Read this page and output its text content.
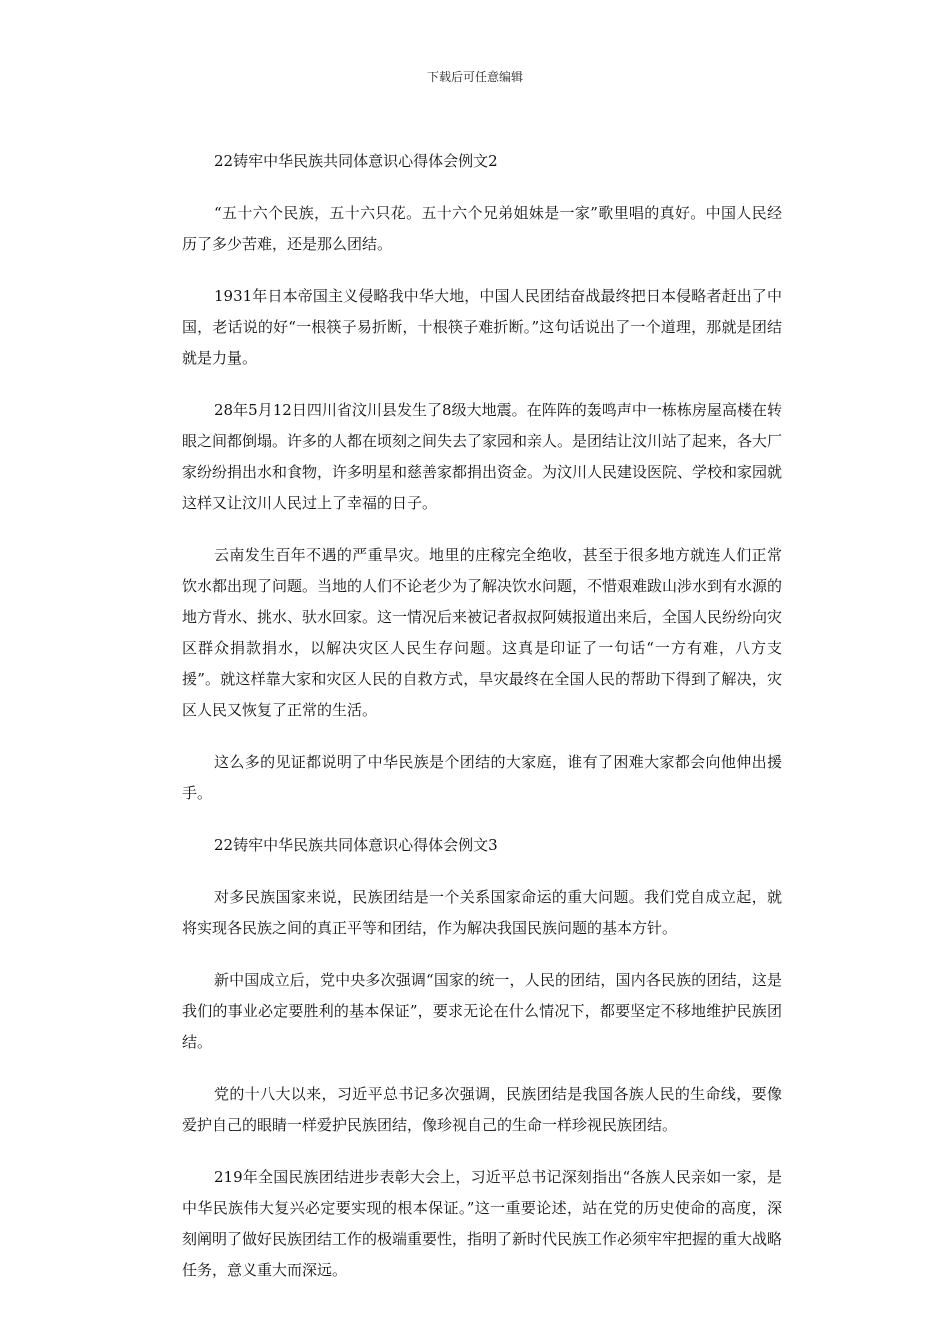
下载后可任意编辑

22铸牢中华民族共同体意识心得体会例文2

“五十六个民族，五十六只花。五十六个兄弟姐妹是一家”歌里唱的真好。中国人民经历了多少苦难，还是那么团结。

1931年日本帝国主义侵略我中华大地，中国人民团结奋战最终把日本侵略者赶出了中国，老话说的好“一根筷子易折断，十根筷子难折断。”这句话说出了一个道理，那就是团结就是力量。

28年5月12日四川省汶川县发生了8级大地震。在阵阵的轰鸣声中一栋栋房屋高楼在转眼之间都倒塌。许多的人都在顷刻之间失去了家园和亲人。是团结让汶川站了起来，各大厂家纷纷捐出水和食物，许多明星和慈善家都捐出资金。为汶川人民建设医院、学校和家园就这样又让汶川人民过上了幸福的日子。

云南发生百年不遇的严重旱灾。地里的庄稼完全绝收，甚至于很多地方就连人们正常饮水都出现了问题。当地的人们不论老少为了解决饮水问题，不惜艰难跋山涉水到有水源的地方背水、挑水、驮水回家。这一情况后来被记者叔叔阿姨报道出来后，全国人民纷纷向灾区群众捐款捐水，以解决灾区人民生存问题。这真是印证了一句话“一方有难，八方支援”。就这样靠大家和灾区人民的自救方式，旱灾最终在全国人民的帮助下得到了解决，灾区人民又恢复了正常的生活。

这么多的见证都说明了中华民族是个团结的大家庭，谁有了困难大家都会向他伸出援手。

22铸牢中华民族共同体意识心得体会例文3

对多民族国家来说，民族团结是一个关系国家命运的重大问题。我们党自成立起，就将实现各民族之间的真正平等和团结，作为解决我国民族问题的基本方针。

新中国成立后，党中央多次强调“国家的统一，人民的团结，国内各民族的团结，这是我们的事业必定要胜利的基本保证”，要求无论在什么情况下，都要坚定不移地维护民族团结。

党的十八大以来，习近平总书记多次强调，民族团结是我国各族人民的生命线，要像爱护自己的眼睛一样爱护民族团结，像珍视自己的生命一样珍视民族团结。

219年全国民族团结进步表彰大会上，习近平总书记深刻指出“各族人民亲如一家，是中华民族伟大复兴必定要实现的根本保证。”这一重要论述，站在党的历史使命的高度，深刻阐明了做好民族团结工作的极端重要性，指明了新时代民族工作必须牢牢把握的重大战略任务，意义重大而深远。
